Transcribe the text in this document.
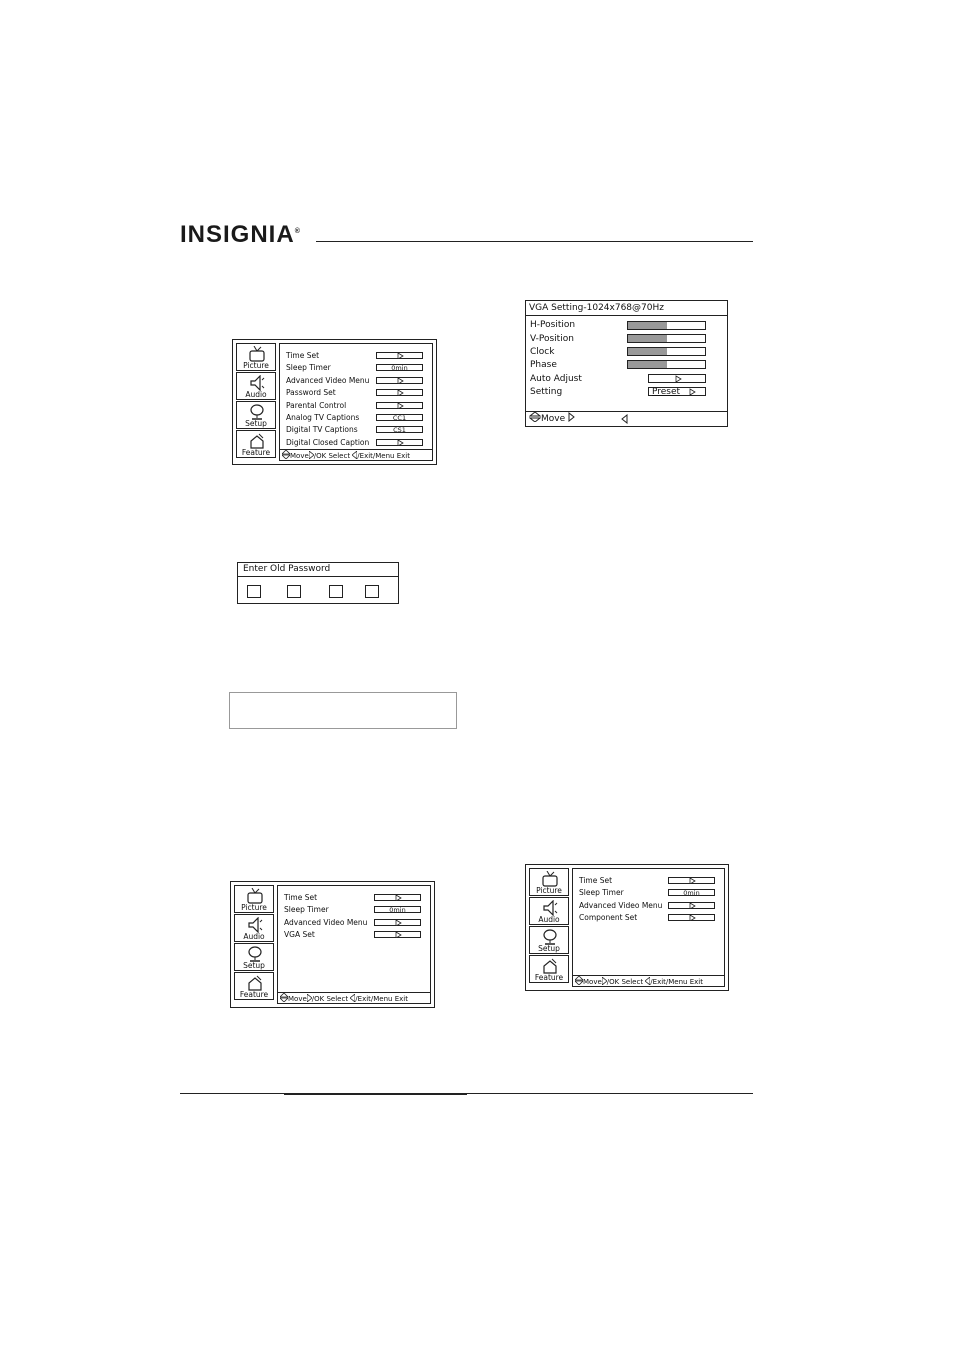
INSIGNIA®
Picture
Audio
Setup
Feature
Time Set
Sleep Timer	0min
Advanced Video Menu
Password Set
Parental Control
Analog TV Captions	CC1
Digital TV Captions	CS1
Digital Closed Caption
Move /OK Select /Exit/Menu Exit
VGA Setting-1024x768@70Hz
H-Position
V-Position
Clock
Phase
Auto Adjust
Setting	Preset
Move
Enter Old Password
Picture
Audio
Setup
Feature
Time Set
Sleep Timer	0min
Advanced Video Menu
VGA Set
Move /OK Select /Exit/Menu Exit
Picture
Audio
Setup
Feature
Time Set
Sleep Timer	0min
Advanced Video Menu
Component Set
Move /OK Select /Exit/Menu Exit
